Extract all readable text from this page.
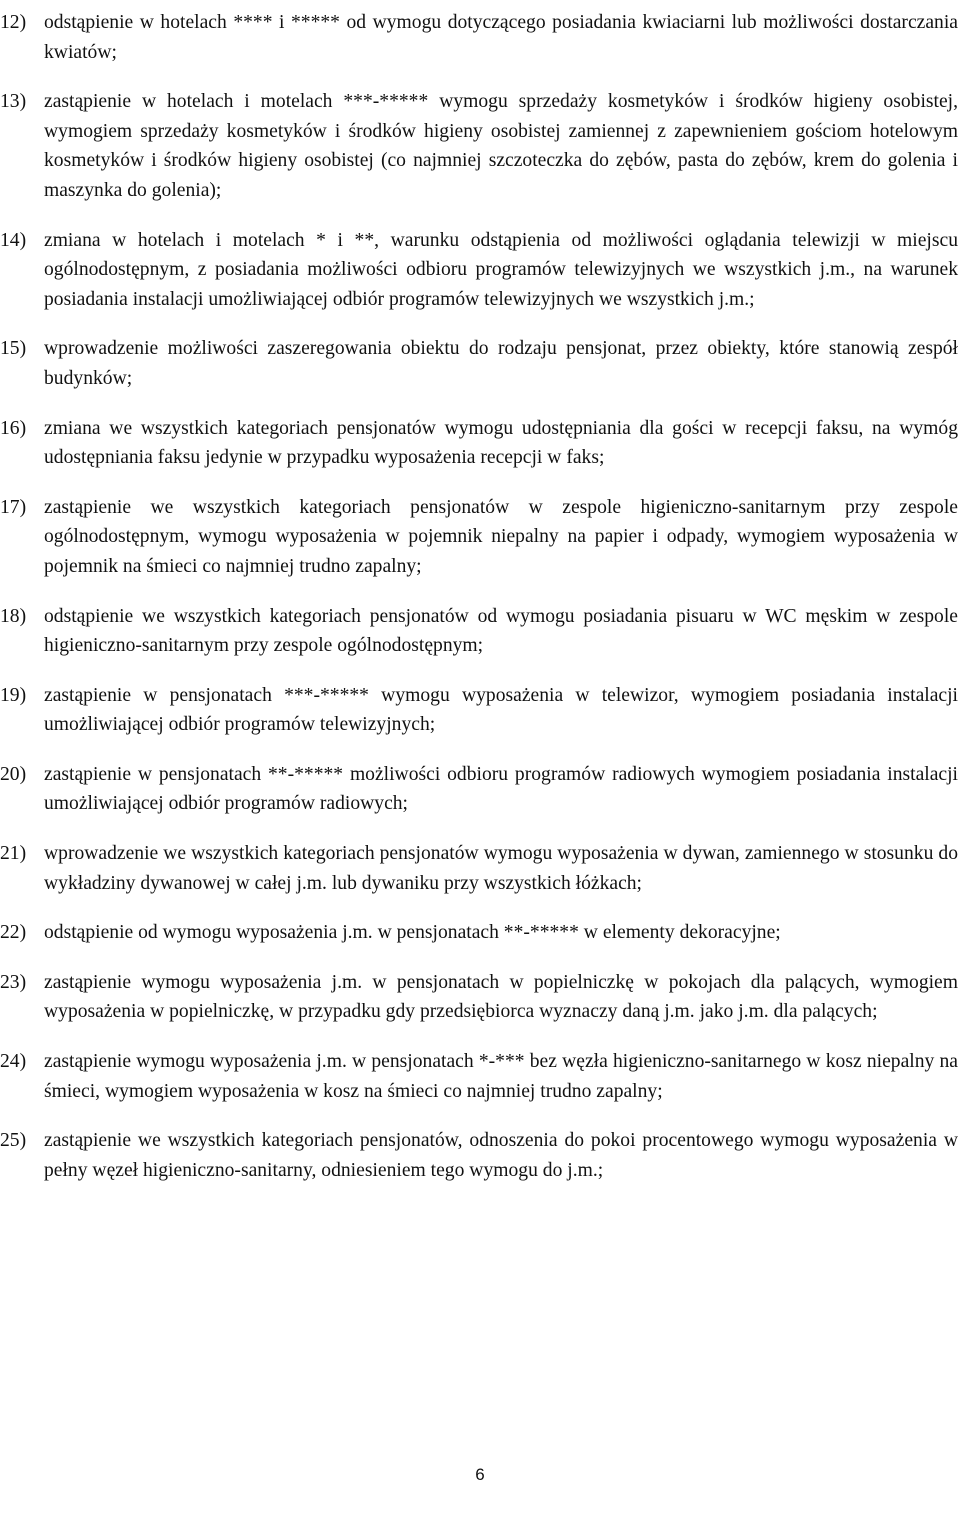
12) odstąpienie w hotelach **** i ***** od wymogu dotyczącego posiadania kwiaciarni lub możliwości dostarczania kwiatów;
13) zastąpienie w hotelach i motelach ***-***** wymogu sprzedaży kosmetyków i środków higieny osobistej, wymogiem sprzedaży kosmetyków i środków higieny osobistej zamiennej z zapewnieniem gościom hotelowym kosmetyków i środków higieny osobistej (co najmniej szczoteczka do zębów, pasta do zębów, krem do golenia i maszynka do golenia);
14) zmiana w hotelach i motelach * i **, warunku odstąpienia od możliwości oglądania telewizji w miejscu ogólnodostępnym, z posiadania możliwości odbioru programów telewizyjnych we wszystkich j.m., na warunek posiadania instalacji umożliwiającej odbiór programów telewizyjnych we wszystkich j.m.;
15) wprowadzenie możliwości zaszeregowania obiektu do rodzaju pensjonat, przez obiekty, które stanowią zespół budynków;
16) zmiana we wszystkich kategoriach pensjonatów wymogu udostępniania dla gości w recepcji faksu, na wymóg udostępniania faksu jedynie w przypadku wyposażenia recepcji w faks;
17) zastąpienie we wszystkich kategoriach pensjonatów w zespole higieniczno-sanitarnym przy zespole ogólnodostępnym, wymogu wyposażenia w pojemnik niepalny na papier i odpady, wymogiem wyposażenia w pojemnik na śmieci co najmniej trudno zapalny;
18) odstąpienie we wszystkich kategoriach pensjonatów od wymogu posiadania pisuaru w WC męskim w zespole higieniczno-sanitarnym przy zespole ogólnodostępnym;
19) zastąpienie w pensjonatach ***-***** wymogu wyposażenia w telewizor, wymogiem posiadania instalacji umożliwiającej odbiór programów telewizyjnych;
20) zastąpienie w pensjonatach **-***** możliwości odbioru programów radiowych wymogiem posiadania instalacji umożliwiającej odbiór programów radiowych;
21) wprowadzenie we wszystkich kategoriach pensjonatów wymogu wyposażenia w dywan, zamiennego w stosunku do wykładziny dywanowej w całej j.m. lub dywaniku przy wszystkich łóżkach;
22) odstąpienie od wymogu wyposażenia j.m. w pensjonatach **-***** w elementy dekoracyjne;
23) zastąpienie wymogu wyposażenia j.m. w pensjonatach w popielniczkę w pokojach dla palących, wymogiem wyposażenia w popielniczkę, w przypadku gdy przedsiębiorca wyznaczy daną j.m. jako j.m. dla palących;
24) zastąpienie wymogu wyposażenia j.m. w pensjonatach *-*** bez węzła higieniczno-sanitarnego w kosz niepalny na śmieci, wymogiem wyposażenia w kosz na śmieci co najmniej trudno zapalny;
25) zastąpienie we wszystkich kategoriach pensjonatów, odnoszenia do pokoi procentowego wymogu wyposażenia w pełny węzeł higieniczno-sanitarny, odniesieniem tego wymogu do j.m.;
6
